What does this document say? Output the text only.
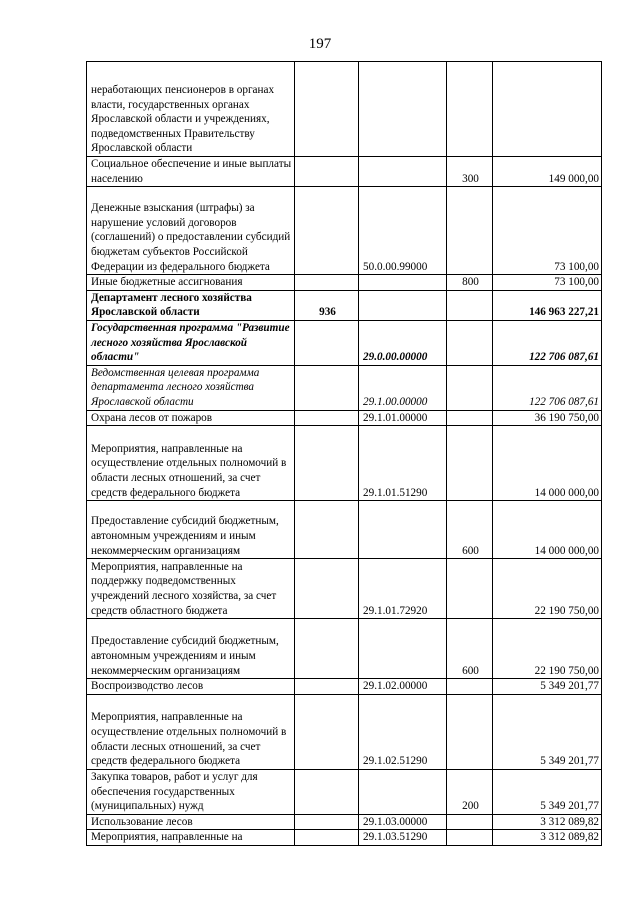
197
неработающих пенсионеров в органах власти, государственных органах Ярославской области и учреждениях, подведомственных Правительству Ярославской области				
Социальное обеспечение и иные выплаты населению			300	149 000,00
Денежные взыскания (штрафы) за нарушение условий договоров (соглашений) о предоставлении субсидий бюджетам субъектов Российской Федерации из федерального бюджета		50.0.00.99000		73 100,00
Иные бюджетные ассигнования			800	73 100,00
Департамент лесного хозяйства Ярославской области	936			146 963 227,21
Государственная программа "Развитие лесного хозяйства Ярославской области"		29.0.00.00000		122 706 087,61
Ведомственная целевая программа департамента лесного хозяйства Ярославской области		29.1.00.00000		122 706 087,61
Охрана лесов от пожаров		29.1.01.00000		36 190 750,00
Мероприятия, направленные на осуществление отдельных полномочий в области лесных отношений, за счет средств федерального бюджета		29.1.01.51290		14 000 000,00
Предоставление субсидий бюджетным, автономным учреждениям и иным некоммерческим организациям			600	14 000 000,00
Мероприятия, направленные на поддержку подведомственных учреждений лесного хозяйства, за счет средств областного бюджета		29.1.01.72920		22 190 750,00
Предоставление субсидий бюджетным, автономным учреждениям и иным некоммерческим организациям			600	22 190 750,00
Воспроизводство лесов		29.1.02.00000		5 349 201,77
Мероприятия, направленные на осуществление отдельных полномочий в области лесных отношений, за счет средств федерального бюджета		29.1.02.51290		5 349 201,77
Закупка товаров, работ и услуг для обеспечения государственных (муниципальных) нужд			200	5 349 201,77
Использование лесов		29.1.03.00000		3 312 089,82
Мероприятия, направленные на		29.1.03.51290		3 312 089,82
